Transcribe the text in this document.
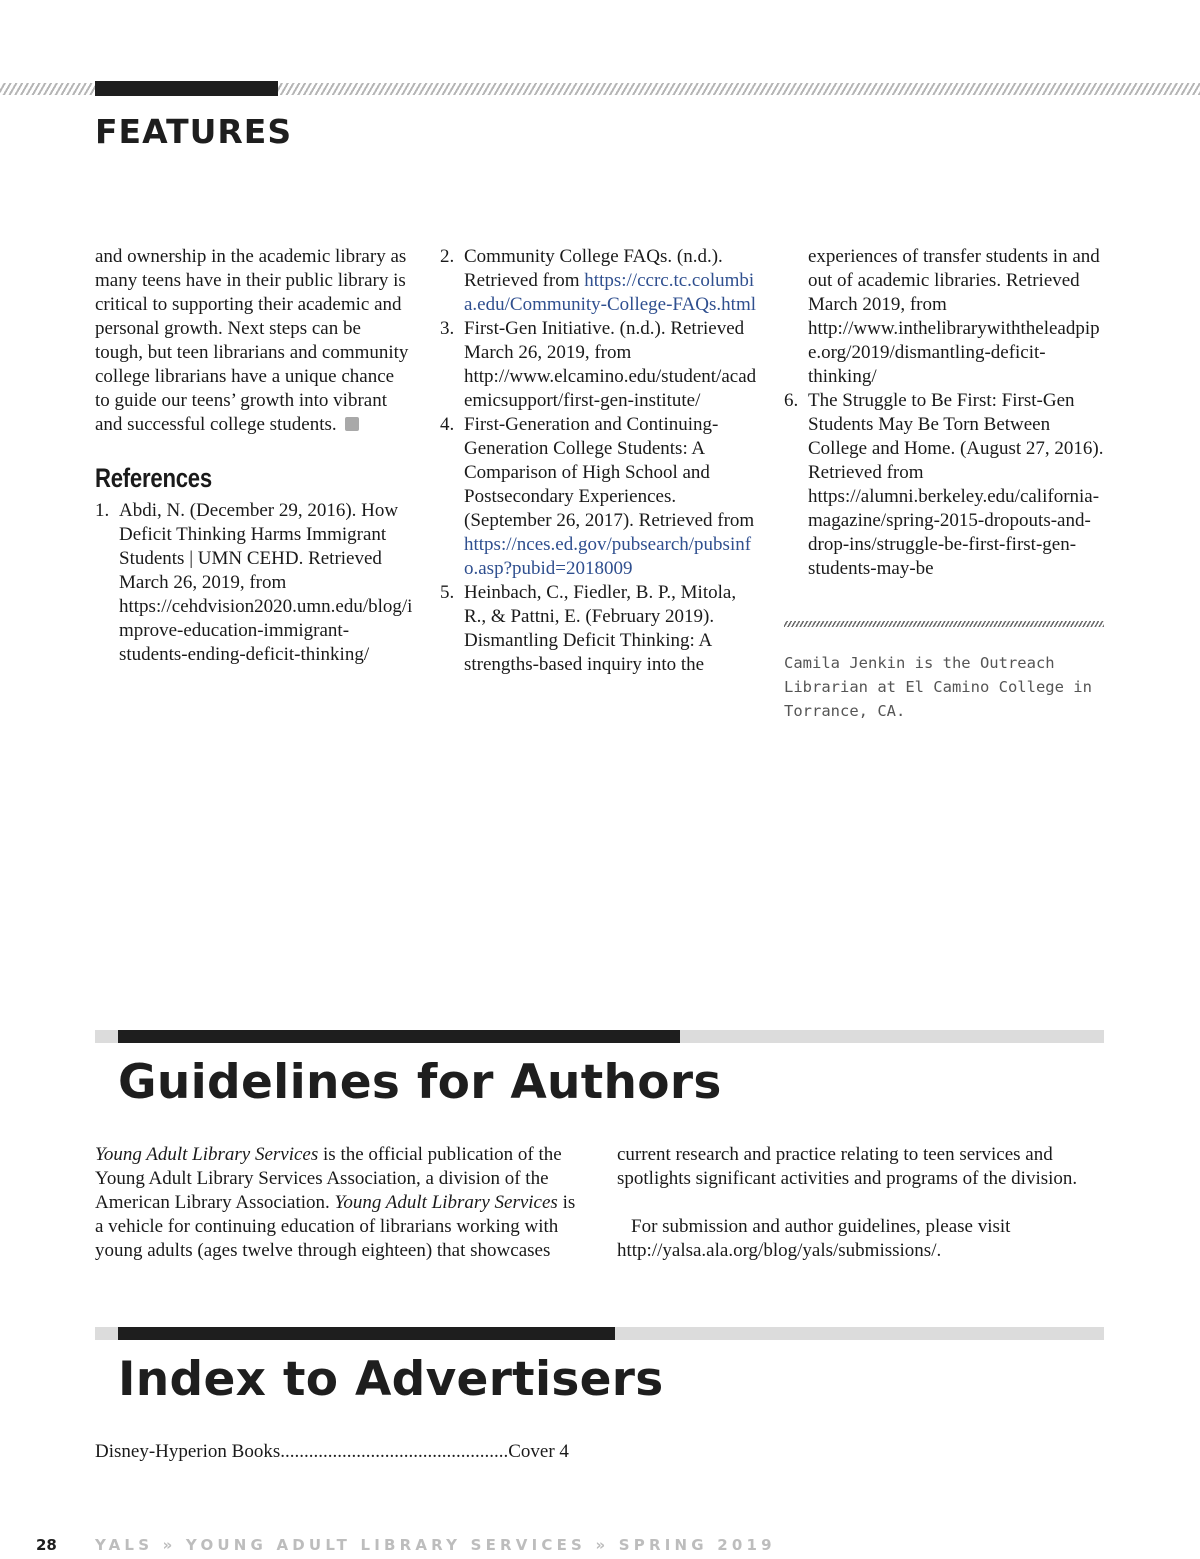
FEATURES

and ownership in the academic library as many teens have in their public library is critical to supporting their academic and personal growth. Next steps can be tough, but teen librarians and community college librarians have a unique chance to guide our teens’ growth into vibrant and successful college students.

References
1. Abdi, N. (December 29, 2016). How Deficit Thinking Harms Immigrant Students | UMN CEHD. Retrieved March 26, 2019, from https://cehdvision2020.umn.edu/blog/improve-education-immigrant-students-ending-deficit-thinking/
2. Community College FAQs. (n.d.). Retrieved from https://ccrc.tc.columbia.edu/Community-College-FAQs.html
3. First-Gen Initiative. (n.d.). Retrieved March 26, 2019, from http://www.elcamino.edu/student/academicsupport/first-gen-institute/
4. First-Generation and Continuing-Generation College Students: A Comparison of High School and Postsecondary Experiences. (September 26, 2017). Retrieved from https://nces.ed.gov/pubsearch/pubsinfo.asp?pubid=2018009
5. Heinbach, C., Fiedler, B. P., Mitola, R., & Pattni, E. (February 2019). Dismantling Deficit Thinking: A strengths-based inquiry into the
experiences of transfer students in and out of academic libraries. Retrieved March 2019, from http://www.inthelibrarywiththeleadpipe.org/2019/dismantling-deficit-thinking/
6. The Struggle to Be First: First-Gen Students May Be Torn Between College and Home. (August 27, 2016). Retrieved from https://alumni.berkeley.edu/california-magazine/spring-2015-dropouts-and-drop-ins/struggle-be-first-first-gen-students-may-be
Camila Jenkin is the Outreach Librarian at El Camino College in Torrance, CA.
Guidelines for Authors

Young Adult Library Services is the official publication of the Young Adult Library Services Association, a division of the American Library Association. Young Adult Library Services is a vehicle for continuing education of librarians working with young adults (ages twelve through eighteen) that showcases

For submission and author guidelines, please visit http://yalsa.ala.org/blog/yals/submissions/.

Index to Advertisers
Disney-Hyperion Books................................................Cover 4
28	YALS » YOUNG ADULT LIBRARY SERVICES » SPRING 2019
current research and practice relating to teen services and spotlights significant activities and programs of the division.
